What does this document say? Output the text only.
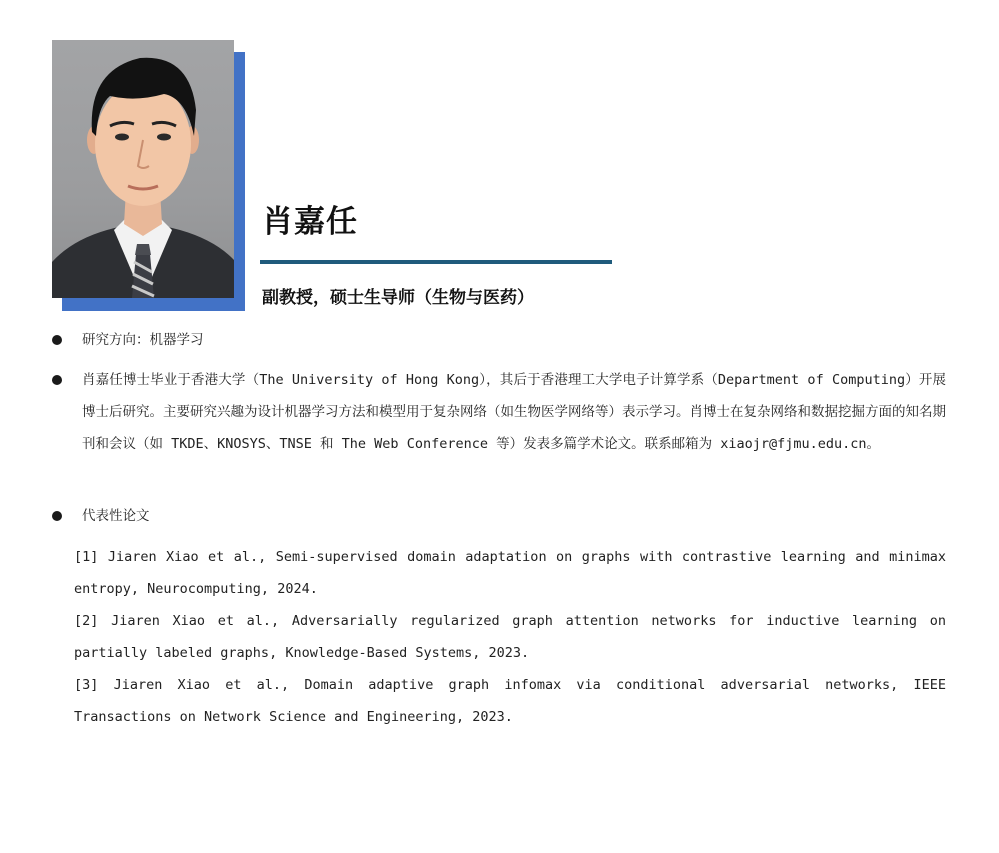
肖嘉任
副教授，硕士生导师（生物与医药）
研究方向：机器学习
肖嘉任博士毕业于香港大学（The University of Hong Kong），其后于香港理工大学电子计算学系（Department of Computing）开展博士后研究。主要研究兴趣为设计机器学习方法和模型用于复杂网络（如生物医学网络等）表示学习。肖博士在复杂网络和数据挖掘方面的知名期刊和会议（如 TKDE、KNOSYS、TNSE 和 The Web Conference 等）发表多篇学术论文。联系邮箱为 xiaojr@fjmu.edu.cn。
代表性论文
[1] Jiaren Xiao et al., Semi-supervised domain adaptation on graphs with contrastive learning and minimax entropy, Neurocomputing, 2024.
[2] Jiaren Xiao et al., Adversarially regularized graph attention networks for inductive learning on partially labeled graphs, Knowledge-Based Systems, 2023.
[3] Jiaren Xiao et al., Domain adaptive graph infomax via conditional adversarial networks, IEEE Transactions on Network Science and Engineering, 2023.
